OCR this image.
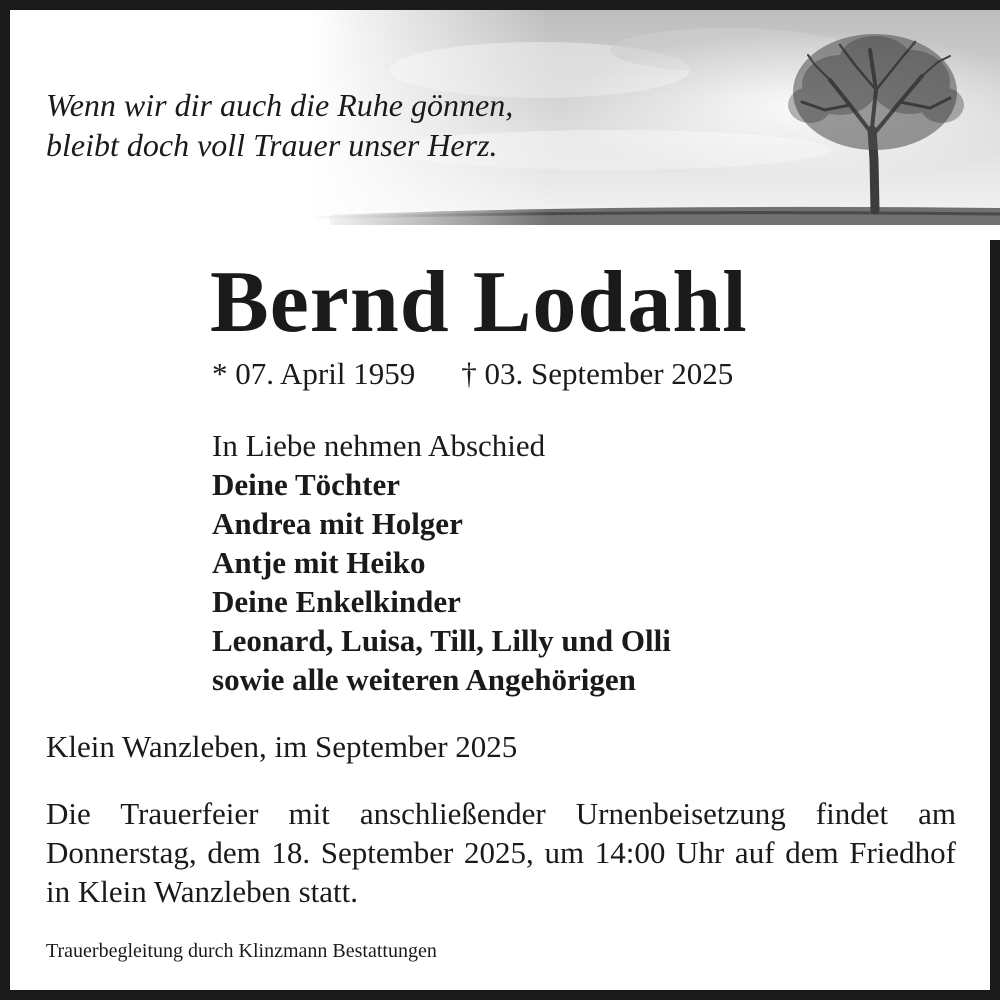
Wenn wir dir auch die Ruhe gönnen,
bleibt doch voll Trauer unser Herz.
Bernd Lodahl
* 07. April 1959 † 03. September 2025
In Liebe nehmen Abschied
Deine Töchter
Andrea mit Holger
Antje mit Heiko
Deine Enkelkinder
Leonard, Luisa, Till, Lilly und Olli
sowie alle weiteren Angehörigen
Klein Wanzleben, im September 2025
Die Trauerfeier mit anschließender Urnenbeisetzung findet am Donnerstag, dem 18. September 2025, um 14:00 Uhr auf dem Friedhof in Klein Wanzleben statt.
Trauerbegleitung durch Klinzmann Bestattungen
